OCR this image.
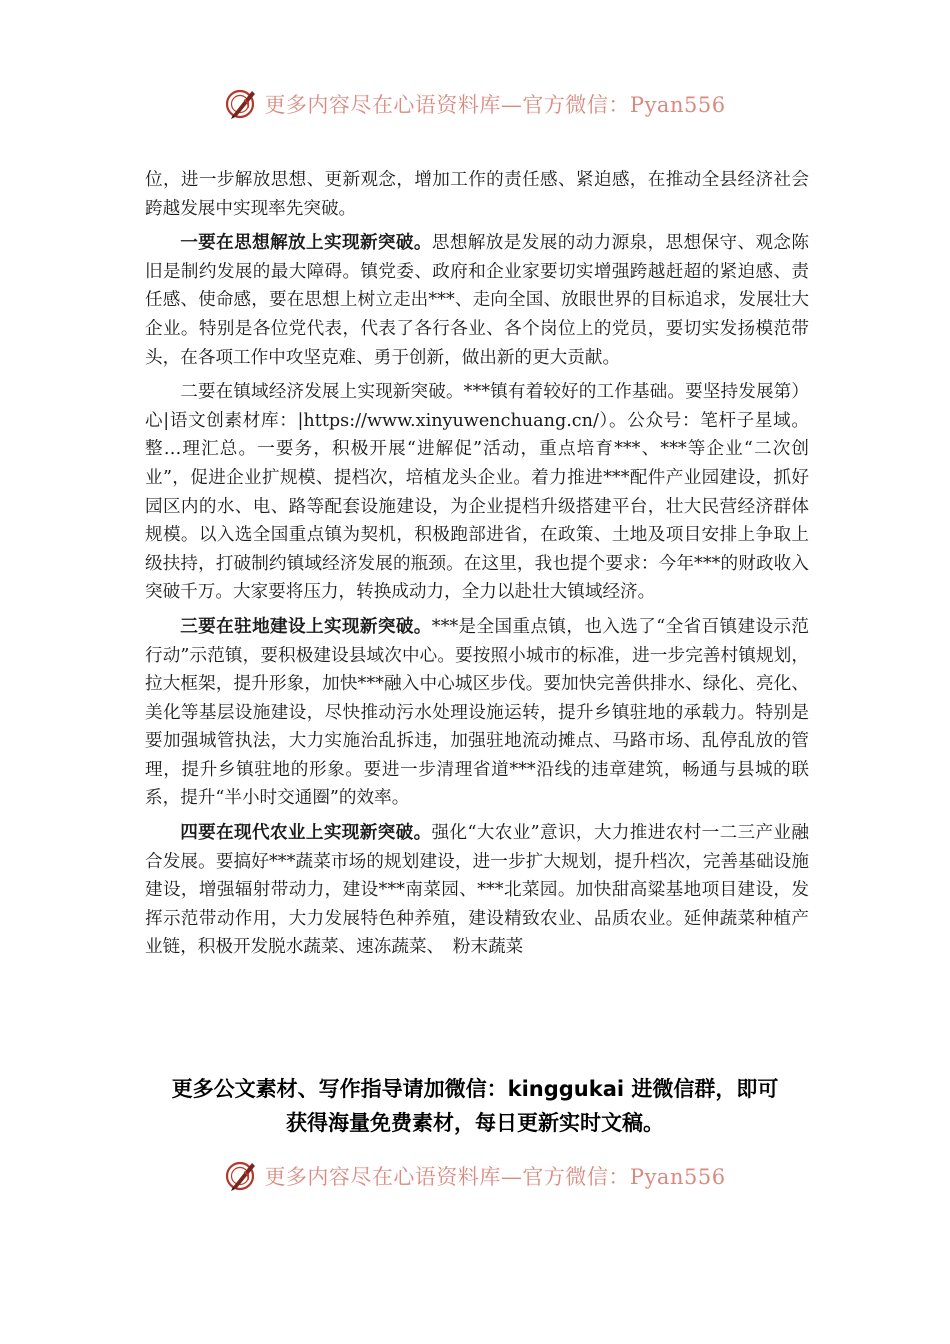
更多内容尽在心语资料库—官方微信：Pyan556

位，进一步解放思想、更新观念，增加工作的责任感、紧迫感，在推动全县经济社会跨越发展中实现率先突破。

一要在思想解放上实现新突破。思想解放是发展的动力源泉，思想保守、观念陈旧是制约发展的最大障碍。镇党委、政府和企业家要切实增强跨越赶超的紧迫感、责任感、使命感，要在思想上树立走出***、走向全国、放眼世界的目标追求，发展壮大企业。特别是各位党代表，代表了各行各业、各个岗位上的党员，要切实发扬模范带头，在各项工作中攻坚克难、勇于创新，做出新的更大贡献。

二要在镇域经济发展上实现新突破。***镇有着较好的工作基础。要坚持发展第）心|语文创素材库：|https://www.xinyuwenchuang.cn/）。公众号：笔杆子星域。整…理汇总。一要务，积极开展“进解促”活动，重点培育***、***等企业“二次创业”，促进企业扩规模、提档次，培植龙头企业。着力推进***配件产业园建设，抓好园区内的水、电、路等配套设施建设，为企业提档升级搭建平台，壮大民营经济群体规模。以入选全国重点镇为契机，积极跑部进省，在政策、土地及项目安排上争取上级扶持，打破制约镇域经济发展的瓶颈。在这里，我也提个要求：今年***的财政收入突破千万。大家要将压力，转换成动力，全力以赴壮大镇域经济。

三要在驻地建设上实现新突破。***是全国重点镇，也入选了“全省百镇建设示范行动”示范镇，要积极建设县域次中心。要按照小城市的标准，进一步完善村镇规划，拉大框架，提升形象，加快***融入中心城区步伐。要加快完善供排水、绿化、亮化、美化等基层设施建设，尽快推动污水处理设施运转，提升乡镇驻地的承载力。特别是要加强城管执法，大力实施治乱拆违，加强驻地流动摊点、马路市场、乱停乱放的管理，提升乡镇驻地的形象。要进一步清理省道***沿线的违章建筑，畅通与县城的联系，提升“半小时交通圈”的效率。

四要在现代农业上实现新突破。强化“大农业”意识，大力推进农村一二三产业融合发展。要搞好***蔬菜市场的规划建设，进一步扩大规划，提升档次，完善基础设施建设，增强辐射带动力，建设***南菜园、***北菜园。加快甜高粱基地项目建设，发挥示范带动作用，大力发展特色种养殖，建设精致农业、品质农业。延伸蔬菜种植产业链，积极开发脱水蔬菜、速冻蔬菜、　粉末蔬菜

更多公文素材、写作指导请加微信：kinggukai 进微信群，即可
获得海量免费素材，每日更新实时文稿。
更多内容尽在心语资料库—官方微信：Pyan556
